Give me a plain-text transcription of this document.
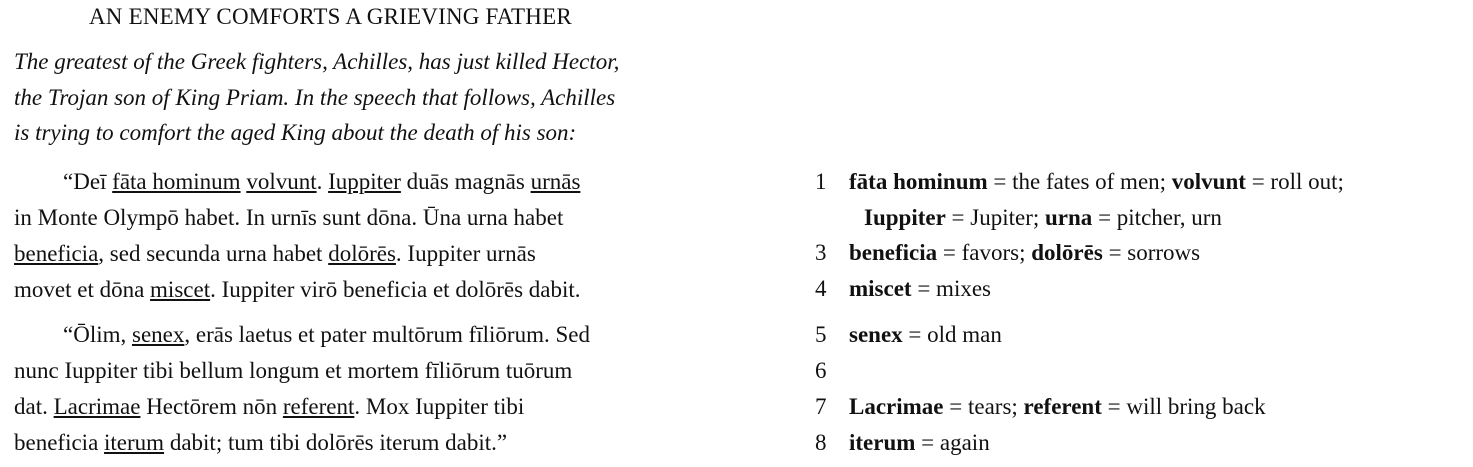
AN ENEMY COMFORTS A GRIEVING FATHER
The greatest of the Greek fighters, Achilles, has just killed Hector,
the Trojan son of King Priam. In the speech that follows, Achilles
is trying to comfort the aged King about the death of his son:
“Deī fāta hominum volvunt. Iuppiter duās magnās urnās
in Monte Olympō habet. In urnīs sunt dōna. Ūna urna habet
beneficia, sed secunda urna habet dolōrēs. Iuppiter urnās
movet et dōna miscet. Iuppiter virō beneficia et dolōrēs dabit.
“Ōlim, senex, erās laetus et pater multōrum fīliōrum. Sed
nunc Iuppiter tibi bellum longum et mortem fīliōrum tuōrum
dat. Lacrimae Hectōrem nōn referent. Mox Iuppiter tibi
beneficia iterum dabit; tum tibi dolōrēs iterum dabit.”
1 fāta hominum = the fates of men; volvunt = roll out;
Iuppiter = Jupiter; urna = pitcher, urn
3 beneficia = favors; dolōrēs = sorrows
4 miscet = mixes
5 senex = old man
6
7 Lacrimae = tears; referent = will bring back
8 iterum = again
